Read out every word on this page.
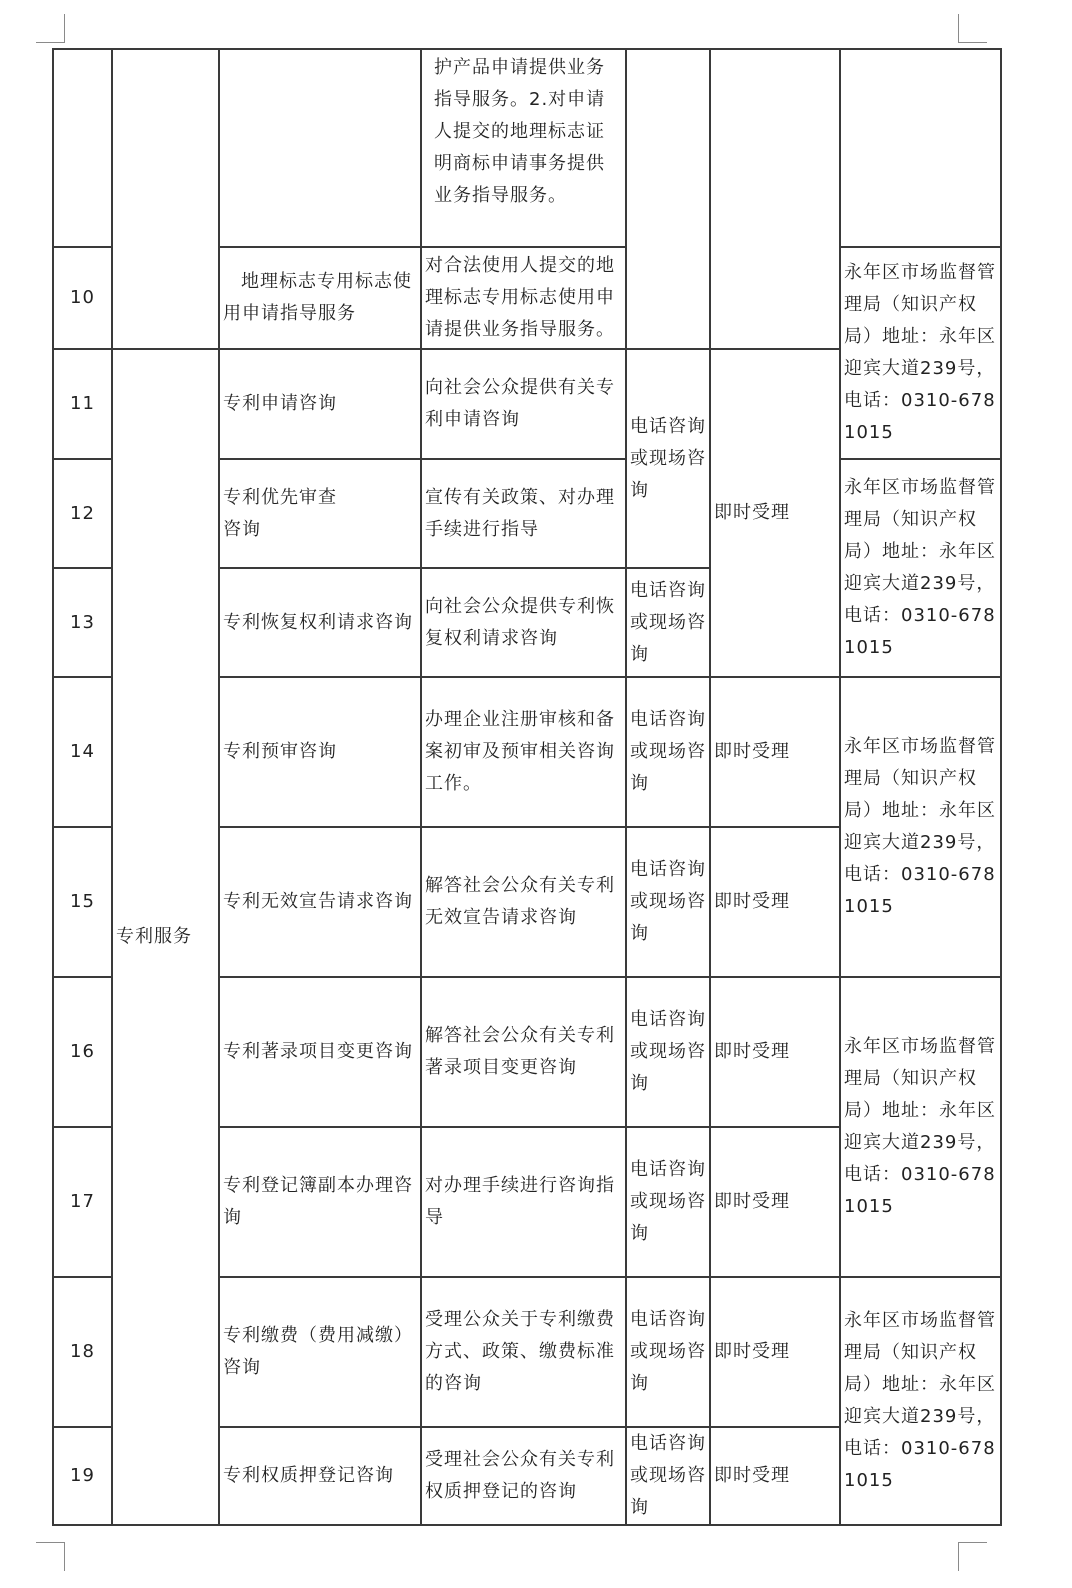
			护产品申请提供业务指导服务。2.对申请人提交的地理标志证明商标申请事务提供业务指导服务。			
10		地理标志专用标志使用申请指导服务	对合法使用人提交的地理标志专用标志使用申请提供业务指导服务。			永年区市场监督管理局（知识产权局）地址：永年区迎宾大道239号，电话：0310-6781015
11	专利服务	专利申请咨询	向社会公众提供有关专利申请咨询	电话咨询或现场咨询	即时受理	
12		专利优先审查咨询	宣传有关政策、对办理手续进行指导			永年区市场监督管理局（知识产权局）地址：永年区迎宾大道239号，电话：0310-6781015
13		专利恢复权利请求咨询	向社会公众提供专利恢复权利请求咨询	电话咨询或现场咨询		
14		专利预审咨询	办理企业注册审核和备案初审及预审相关咨询工作。	电话咨询或现场咨询	即时受理	永年区市场监督管理局（知识产权局）地址：永年区迎宾大道239号，电话：0310-6781015
15		专利无效宣告请求咨询	解答社会公众有关专利无效宣告请求咨询	电话咨询或现场咨询	即时受理	
16		专利著录项目变更咨询	解答社会公众有关专利著录项目变更咨询	电话咨询或现场咨询	即时受理	永年区市场监督管理局（知识产权局）地址：永年区迎宾大道239号，电话：0310-6781015
17		专利登记簿副本办理咨询	对办理手续进行咨询指导	电话咨询或现场咨询	即时受理	
18		专利缴费（费用减缴）咨询	受理公众关于专利缴费方式、政策、缴费标准的咨询	电话咨询或现场咨询	即时受理	永年区市场监督管理局（知识产权局）地址：永年区迎宾大道239号，电话：0310-6781015
19		专利权质押登记咨询	受理社会公众有关专利权质押登记的咨询	电话咨询或现场咨询	即时受理	
